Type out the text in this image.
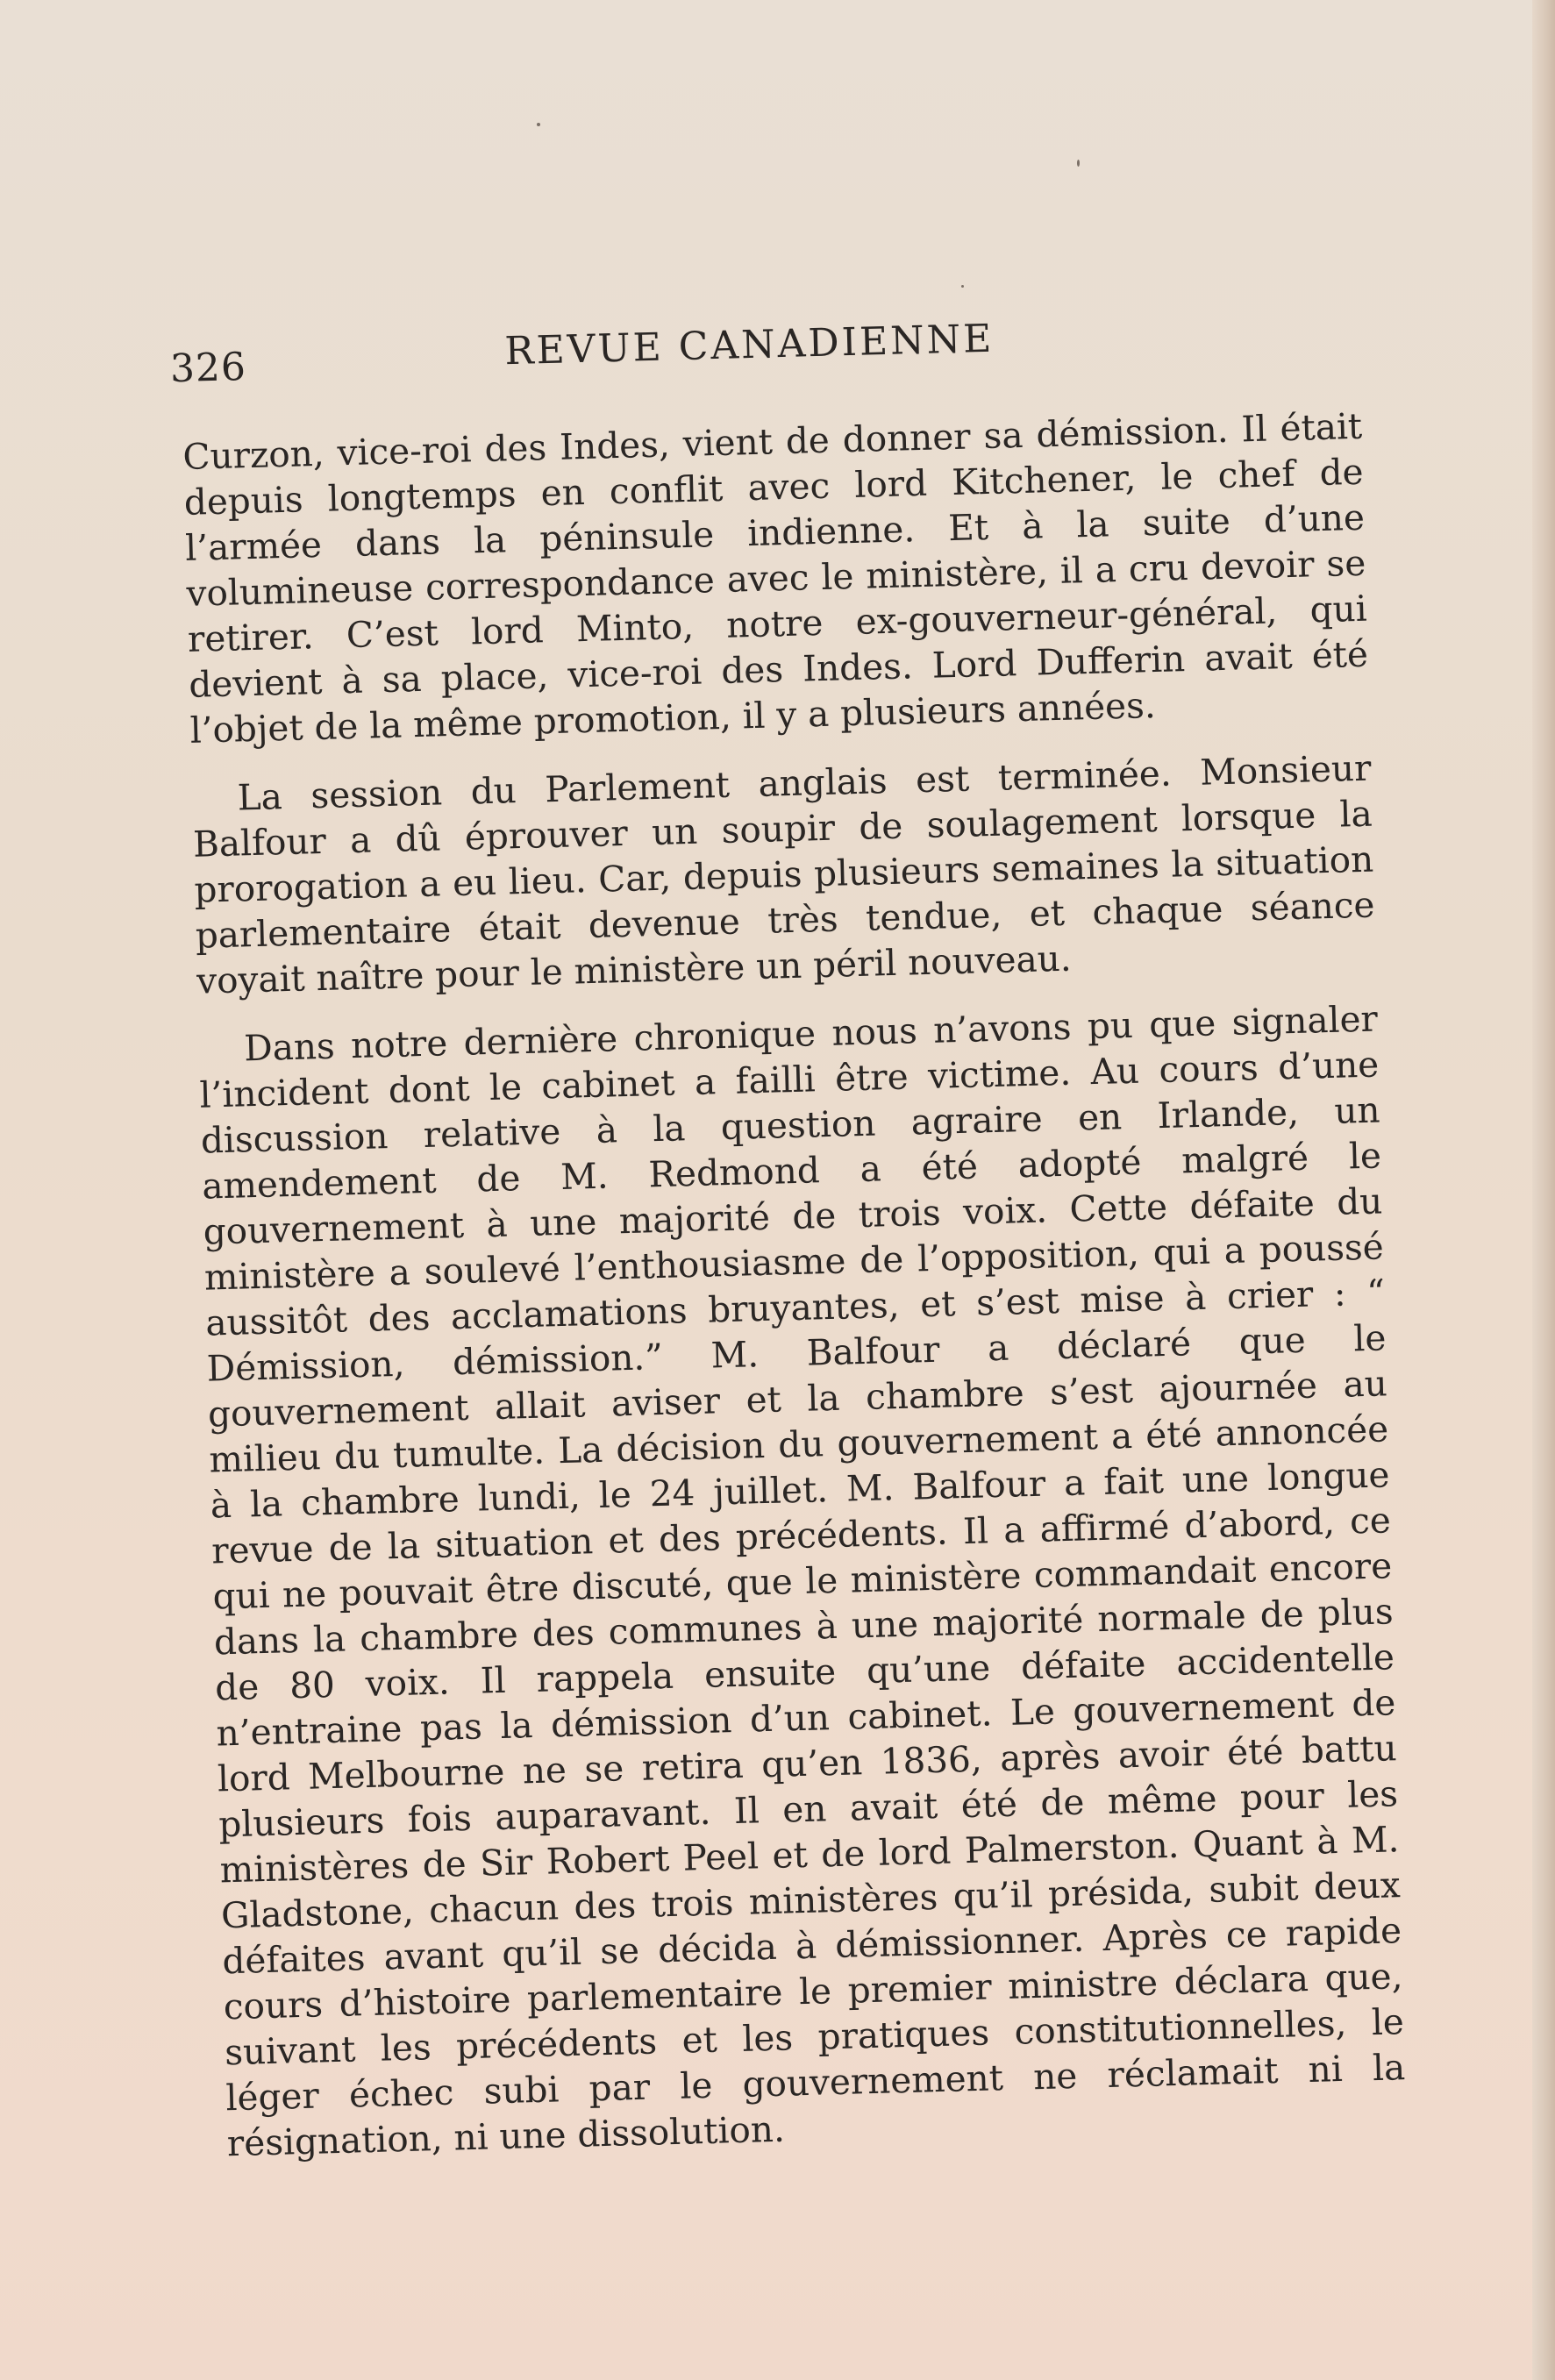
326	REVUE CANADIENNE

Curzon, vice-roi des Indes, vient de donner sa démission. Il était depuis longtemps en conflit avec lord Kitchener, le chef de l’armée dans la péninsule indienne. Et à la suite d’une volumineuse correspondance avec le ministère, il a cru devoir se retirer. C’est lord Minto, notre ex-gouverneur-général, qui devient à sa place, vice-roi des Indes. Lord Dufferin avait été l’objet de la même promotion, il y a plusieurs années.

La session du Parlement anglais est terminée. Monsieur Balfour a dû éprouver un soupir de soulagement lorsque la prorogation a eu lieu. Car, depuis plusieurs semaines la situation parlementaire était devenue très tendue, et chaque séance voyait naître pour le ministère un péril nouveau.

Dans notre dernière chronique nous n’avons pu que signaler l’incident dont le cabinet a failli être victime. Au cours d’une discussion relative à la question agraire en Irlande, un amendement de M. Redmond a été adopté malgré le gouvernement à une majorité de trois voix. Cette défaite du ministère a soulevé l’enthousiasme de l’opposition, qui a poussé aussitôt des acclamations bruyantes, et s’est mise à crier : “ Démission, démission.” M. Balfour a déclaré que le gouvernement allait aviser et la chambre s’est ajournée au milieu du tumulte. La décision du gouvernement a été annoncée à la chambre lundi, le 24 juillet. M. Balfour a fait une longue revue de la situation et des précédents. Il a affirmé d’abord, ce qui ne pouvait être discuté, que le ministère commandait encore dans la chambre des communes à une majorité normale de plus de 80 voix. Il rappela ensuite qu’une défaite accidentelle n’entraine pas la démission d’un cabinet. Le gouvernement de lord Melbourne ne se retira qu’en 1836, après avoir été battu plusieurs fois auparavant. Il en avait été de même pour les ministères de Sir Robert Peel et de lord Palmerston. Quant à M. Gladstone, chacun des trois ministères qu’il présida, subit deux défaites avant qu’il se décida à démissionner. Après ce rapide cours d’histoire parlementaire le premier ministre déclara que, suivant les précédents et les pratiques constitutionnelles, le léger échec subi par le gouvernement ne réclamait ni la résignation, ni une dissolution.
